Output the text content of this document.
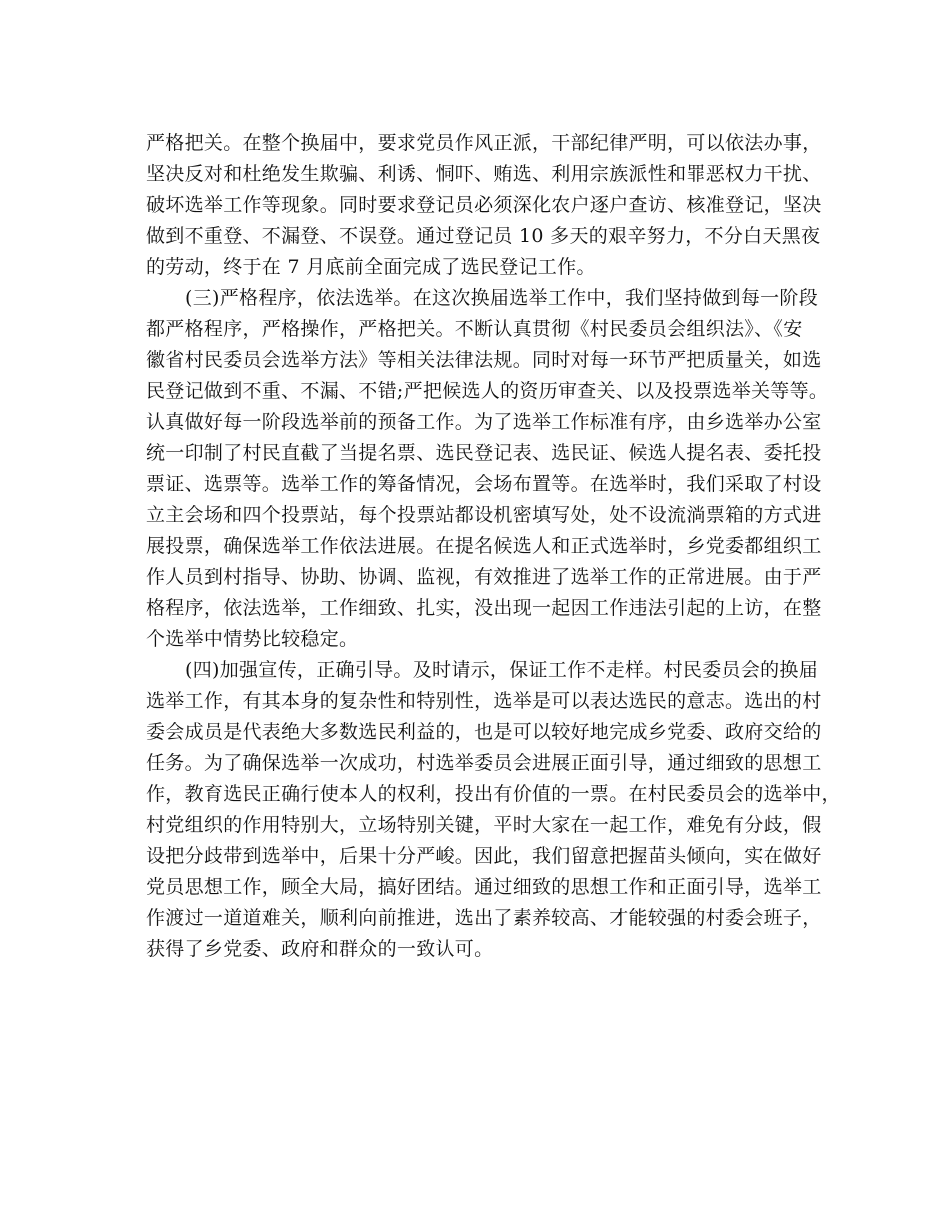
严格把关。在整个换届中，要求党员作风正派，干部纪律严明，可以依法办事，
坚决反对和杜绝发生欺骗、利诱、恫吓、贿选、利用宗族派性和罪恶权力干扰、
破坏选举工作等现象。同时要求登记员必须深化农户逐户查访、核准登记，坚决
做到不重登、不漏登、不误登。通过登记员 10 多天的艰辛努力，不分白天黑夜
的劳动，终于在 7 月底前全面完成了选民登记工作。
(三)严格程序，依法选举。在这次换届选举工作中，我们坚持做到每一阶段
都严格程序，严格操作，严格把关。不断认真贯彻《村民委员会组织法》、《安
徽省村民委员会选举方法》等相关法律法规。同时对每一环节严把质量关，如选
民登记做到不重、不漏、不错;严把候选人的资历审查关、以及投票选举关等等。
认真做好每一阶段选举前的预备工作。为了选举工作标准有序，由乡选举办公室
统一印制了村民直截了当提名票、选民登记表、选民证、候选人提名表、委托投
票证、选票等。选举工作的筹备情况，会场布置等。在选举时，我们采取了村设
立主会场和四个投票站，每个投票站都设机密填写处，处不设流淌票箱的方式进
展投票，确保选举工作依法进展。在提名候选人和正式选举时，乡党委都组织工
作人员到村指导、协助、协调、监视，有效推进了选举工作的正常进展。由于严
格程序，依法选举，工作细致、扎实，没出现一起因工作违法引起的上访，在整
个选举中情势比较稳定。
(四)加强宣传，正确引导。及时请示，保证工作不走样。村民委员会的换届
选举工作，有其本身的复杂性和特别性，选举是可以表达选民的意志。选出的村
委会成员是代表绝大多数选民利益的，也是可以较好地完成乡党委、政府交给的
任务。为了确保选举一次成功，村选举委员会进展正面引导，通过细致的思想工
作，教育选民正确行使本人的权利，投出有价值的一票。在村民委员会的选举中，
村党组织的作用特别大，立场特别关键，平时大家在一起工作，难免有分歧，假
设把分歧带到选举中，后果十分严峻。因此，我们留意把握苗头倾向，实在做好
党员思想工作，顾全大局，搞好团结。通过细致的思想工作和正面引导，选举工
作渡过一道道难关，顺利向前推进，选出了素养较高、才能较强的村委会班子，
获得了乡党委、政府和群众的一致认可。
